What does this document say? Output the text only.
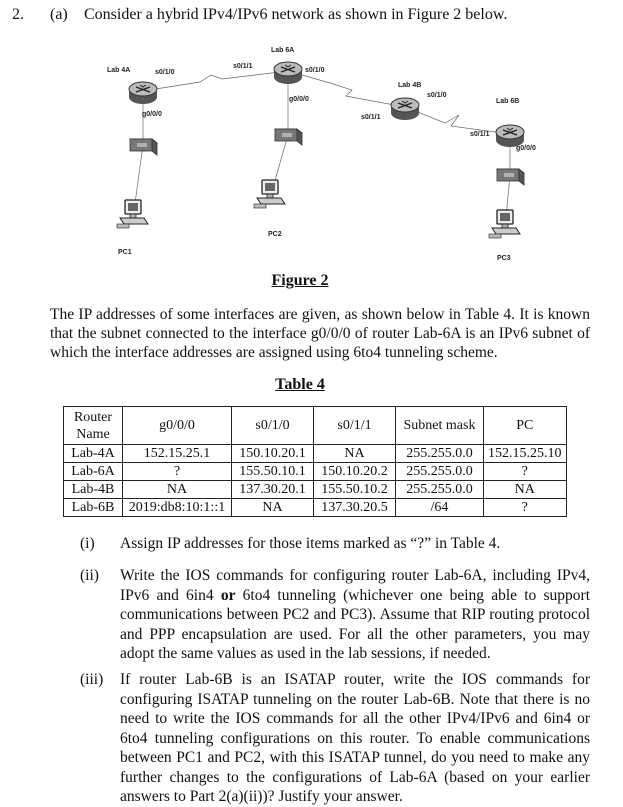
2. (a) Consider a hybrid IPv4/IPv6 network as shown in Figure 2 below.
Lab 4A	s0/1/0
g0/0/0
Lab 6A
s0/1/1
s0/1/0
g0/0/0
Lab 4B
s0/1/1
s0/1/0
Lab 6B
s0/1/1
g0/0/0
PC1
PC2
PC3
Figure 2
The IP addresses of some interfaces are given, as shown below in Table 4. It is known that the subnet connected to the interface g0/0/0 of router Lab-6A is an IPv6 subnet of which the interface addresses are assigned using 6to4 tunneling scheme.
Table 4
Router Name	g0/0/0	s0/1/0	s0/1/1	Subnet mask	PC
Lab-4A	152.15.25.1	150.10.20.1	NA	255.255.0.0	152.15.25.10
Lab-6A	?	155.50.10.1	150.10.20.2	255.255.0.0	?
Lab-4B	NA	137.30.20.1	155.50.10.2	255.255.0.0	NA
Lab-6B	2019:db8:10:1::1	NA	137.30.20.5	/64	?
(i) Assign IP addresses for those items marked as “?” in Table 4.
(ii) Write the IOS commands for configuring router Lab-6A, including IPv4, IPv6 and 6in4 or 6to4 tunneling (whichever one being able to support communications between PC2 and PC3). Assume that RIP routing protocol and PPP encapsulation are used. For all the other parameters, you may adopt the same values as used in the lab sessions, if needed.
(iii) If router Lab-6B is an ISATAP router, write the IOS commands for configuring ISATAP tunneling on the router Lab-6B. Note that there is no need to write the IOS commands for all the other IPv4/IPv6 and 6in4 or 6to4 tunneling configurations on this router. To enable communications between PC1 and PC2, with this ISATAP tunnel, do you need to make any further changes to the configurations of Lab-6A (based on your earlier answers to Part 2(a)(ii))? Justify your answer.
